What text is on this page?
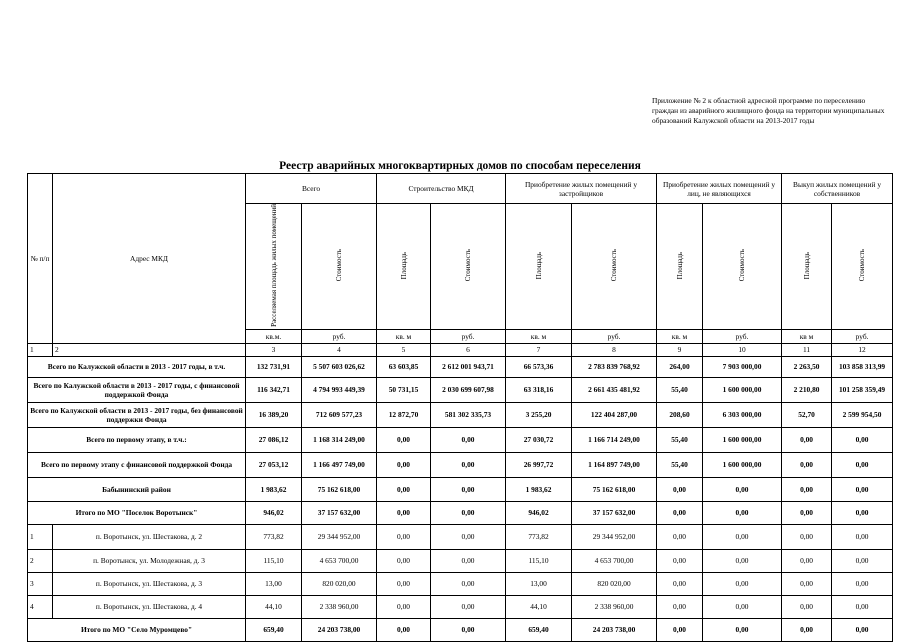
Приложение № 2 к областной адресной программе по переселению граждан из аварийного жилищного фонда на территории муниципальных образований Калужской области на 2013-2017 годы
Реестр аварийных многоквартирных домов по способам переселения
№ п/п	Адрес МКД	Всего		Строительство МКД		Приобретение жилых помещений у застройщиков		Приобретение жилых помещений у лиц, не являющихся		Выкуп жилых помещений у собственников	
		Расселяемая площадь жилых помещений	Стоимость	Площадь	Стоимость	Площадь	Стоимость	Площадь	Стоимость	Площадь	Стоимость
		кв.м.	руб.	кв. м	руб.	кв. м	руб.	кв. м	руб.	кв м	руб.
1	2	3	4	5	6	7	8	9	10	11	12
Всего по Калужской области в 2013 - 2017 годы, в т.ч.		132 731,91	5 507 603 026,62	63 603,85	2 612 001 943,71	66 573,36	2 783 839 768,92	264,00	7 903 000,00	2 263,50	103 858 313,99
Всего по Калужской области в 2013 - 2017 годы, с финансовой поддержкой Фонда		116 342,71	4 794 993 449,39	50 731,15	2 030 699 607,98	63 318,16	2 661 435 481,92	55,40	1 600 000,00	2 210,80	101 258 359,49
Всего по Калужской области в 2013 - 2017 годы, без финансовой поддержки Фонда		16 389,20	712 609 577,23	12 872,70	581 302 335,73	3 255,20	122 404 287,00	208,60	6 303 000,00	52,70	2 599 954,50
Всего по первому этапу, в т.ч.:		27 086,12	1 168 314 249,00	0,00	0,00	27 030,72	1 166 714 249,00	55,40	1 600 000,00	0,00	0,00
Всего по первому этапу с финансовой поддержкой Фонда		27 053,12	1 166 497 749,00	0,00	0,00	26 997,72	1 164 897 749,00	55,40	1 600 000,00	0,00	0,00
Бабынинский район		1 983,62	75 162 618,00	0,00	0,00	1 983,62	75 162 618,00	0,00	0,00	0,00	0,00
Итого по МО "Поселок Воротынск"		946,02	37 157 632,00	0,00	0,00	946,02	37 157 632,00	0,00	0,00	0,00	0,00
1	п. Воротынск, ул. Шестакова, д. 2	773,82	29 344 952,00	0,00	0,00	773,82	29 344 952,00	0,00	0,00	0,00	0,00
2	п. Воротынск, ул. Молодежная, д. 3	115,10	4 653 700,00	0,00	0,00	115,10	4 653 700,00	0,00	0,00	0,00	0,00
3	п. Воротынск, ул. Шестакова, д. 3	13,00	820 020,00	0,00	0,00	13,00	820 020,00	0,00	0,00	0,00	0,00
4	п. Воротынск, ул. Шестакова, д. 4	44,10	2 338 960,00	0,00	0,00	44,10	2 338 960,00	0,00	0,00	0,00	0,00
Итого по МО "Село Муромцево"		659,40	24 203 738,00	0,00	0,00	659,40	24 203 738,00	0,00	0,00	0,00	0,00
